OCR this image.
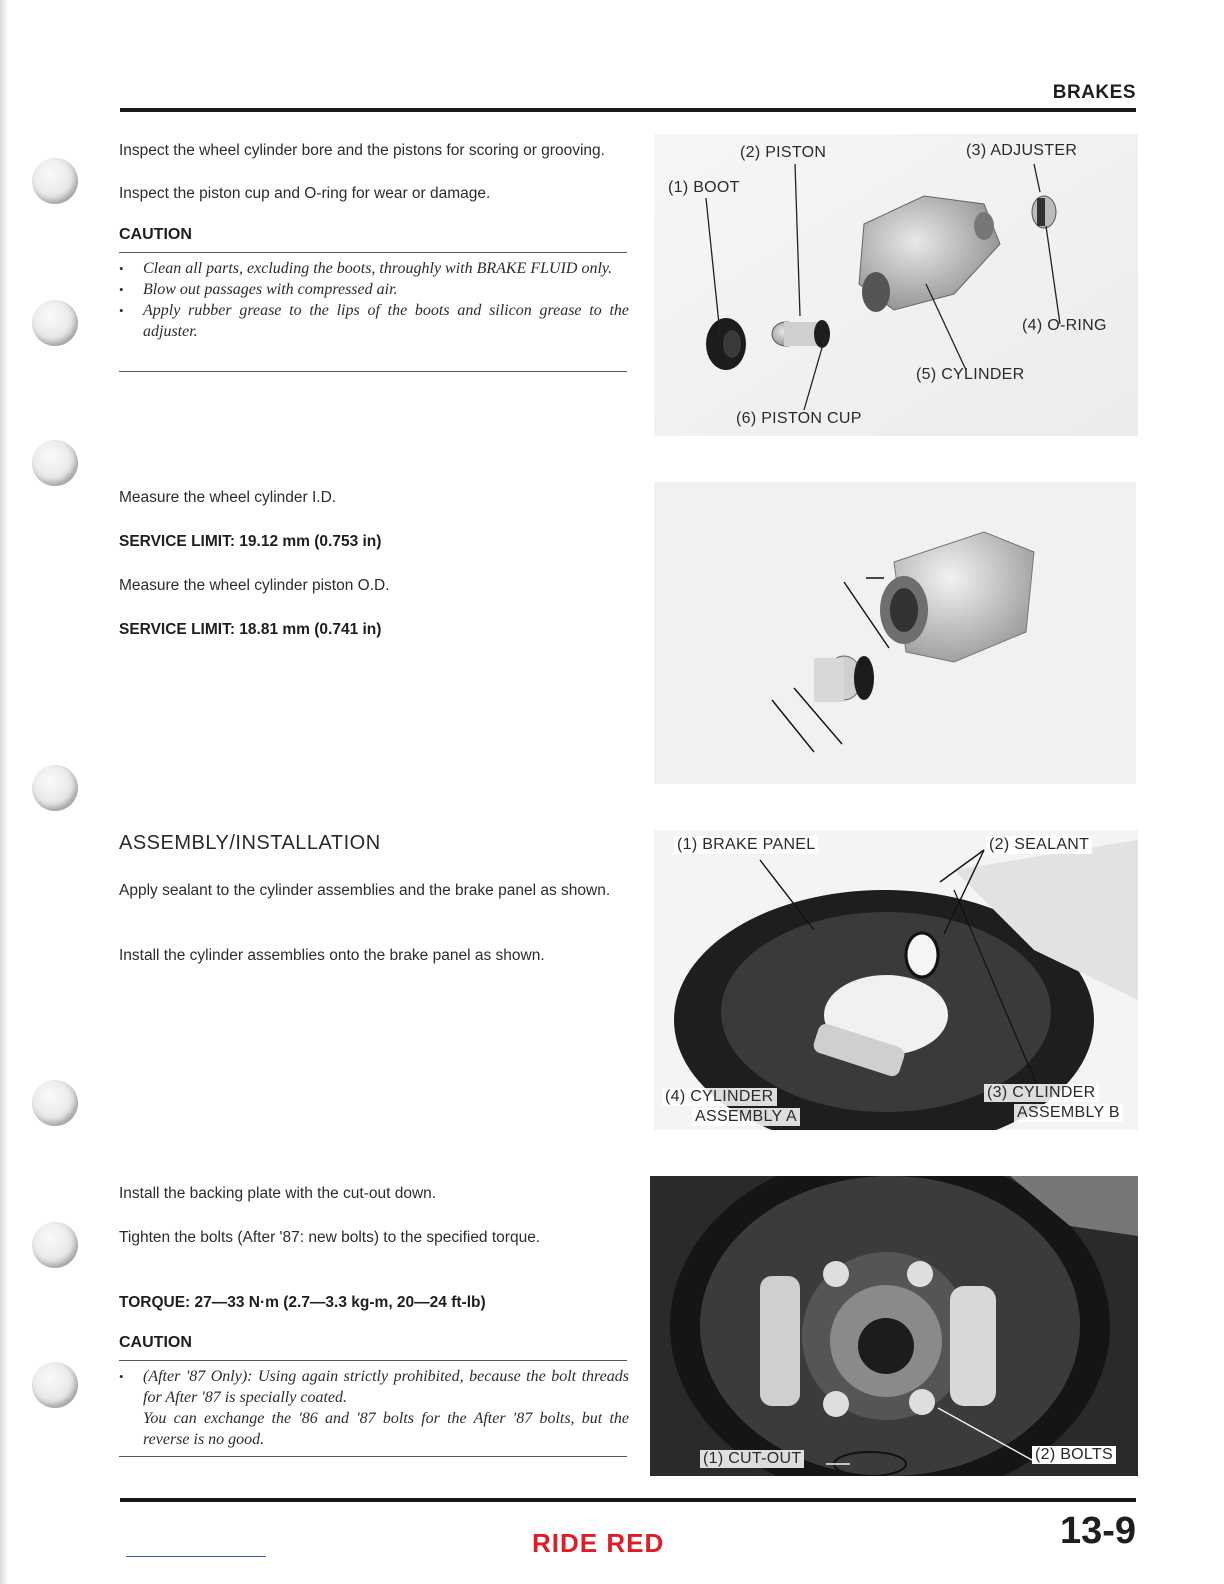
BRAKES
Inspect the wheel cylinder bore and the pistons for scoring or grooving.
Inspect the piston cup and O-ring for wear or damage.
CAUTION
• Clean all parts, excluding the boots, throughly with BRAKE FLUID only.
• Blow out passages with compressed air.
• Apply rubber grease to the lips of the boots and silicon grease to the adjuster.
(2) PISTON	(3) ADJUSTER
(1) BOOT
(4) O-RING
(5) CYLINDER
(6) PISTON CUP
Measure the wheel cylinder I.D.
SERVICE LIMIT: 19.12 mm (0.753 in)
Measure the wheel cylinder piston O.D.
SERVICE LIMIT: 18.81 mm (0.741 in)
ASSEMBLY/INSTALLATION
Apply sealant to the cylinder assemblies and the brake panel as shown.
Install the cylinder assemblies onto the brake panel as shown.
(1) BRAKE PANEL	(2) SEALANT
(4) CYLINDER
ASSEMBLY A
(3) CYLINDER
ASSEMBLY B
Install the backing plate with the cut-out down.
Tighten the bolts (After '87: new bolts) to the specified torque.
TORQUE: 27—33 N·m (2.7—3.3 kg-m, 20—24 ft-lb)
CAUTION
• (After '87 Only): Using again strictly prohibited, because the bolt threads for After '87 is specially coated.
You can exchange the '86 and '87 bolts for the After '87 bolts, but the reverse is no good.
(1) CUT-OUT	(2) BOLTS
RIDE RED	13-9
